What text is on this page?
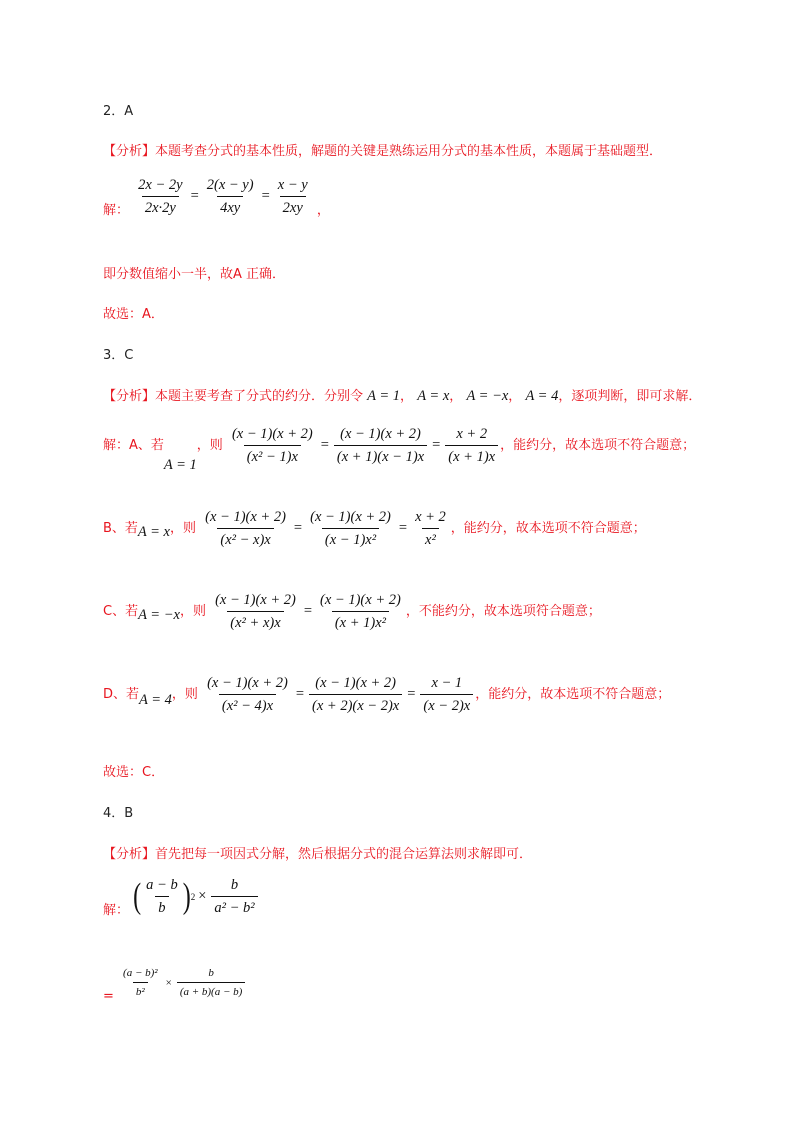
2．A
【分析】本题考查分式的基本性质，解题的关键是熟练运用分式的基本性质，本题属于基础题型．
解： $\frac{2x - 2y}{2x\cdot 2y} = \frac{2(x - y)}{4xy} = \frac{x - y}{2xy}$ ，
即分数值缩小一半，故A 正确．
故选：A．
3．C
【分析】本题主要考查了分式的约分．分别令 A = 1， A = x， A = −x， A = 4，逐项判断，即可求解．
解：A、若A = 1，则 $\frac{(x - 1)(x + 2)}{\text{(x² − 1)x}} = \frac{(x - 1)(x + 2)}{(x + 1)(x - 1)x} = \frac{x + 2}{(x + 1)x}$ ，能约分，故本选项不符合题意；
B、若A = x，则 $\frac{(x - 1)(x + 2)}{\text{(x² − x)x}} = \frac{(x - 1)(x + 2)}{\text{(x − 1)x²}} = \frac{x + 2}{\text{x²}}$ ，能约分，故本选项不符合题意；
C、若A = −x，则 $\frac{(x - 1)(x + 2)}{\text{(x² + x)x}} = \frac{(x - 1)(x + 2)}{\text{(x + 1)x²}}$ ，不能约分，故本选项符合题意；
D、若A = 4，则 $\frac{(x - 1)(x + 2)}{\text{(x² − 4)x}} = \frac{(x - 1)(x + 2)}{(x + 2)(x - 2)x} = \frac{x - 1}{(x - 2)x}$ ，能约分，故本选项不符合题意；
故选：C．
4．B
【分析】首先把每一项因式分解，然后根据分式的混合运算法则求解即可．
解： ( $\frac{a - b}{b}$ ) $2 \times \frac{b}{\text{a² − b²}}$
= $\frac{\text{(a − b)²}}{\text{b²}} \times \frac{b}{(a + b)(a - b)}$
